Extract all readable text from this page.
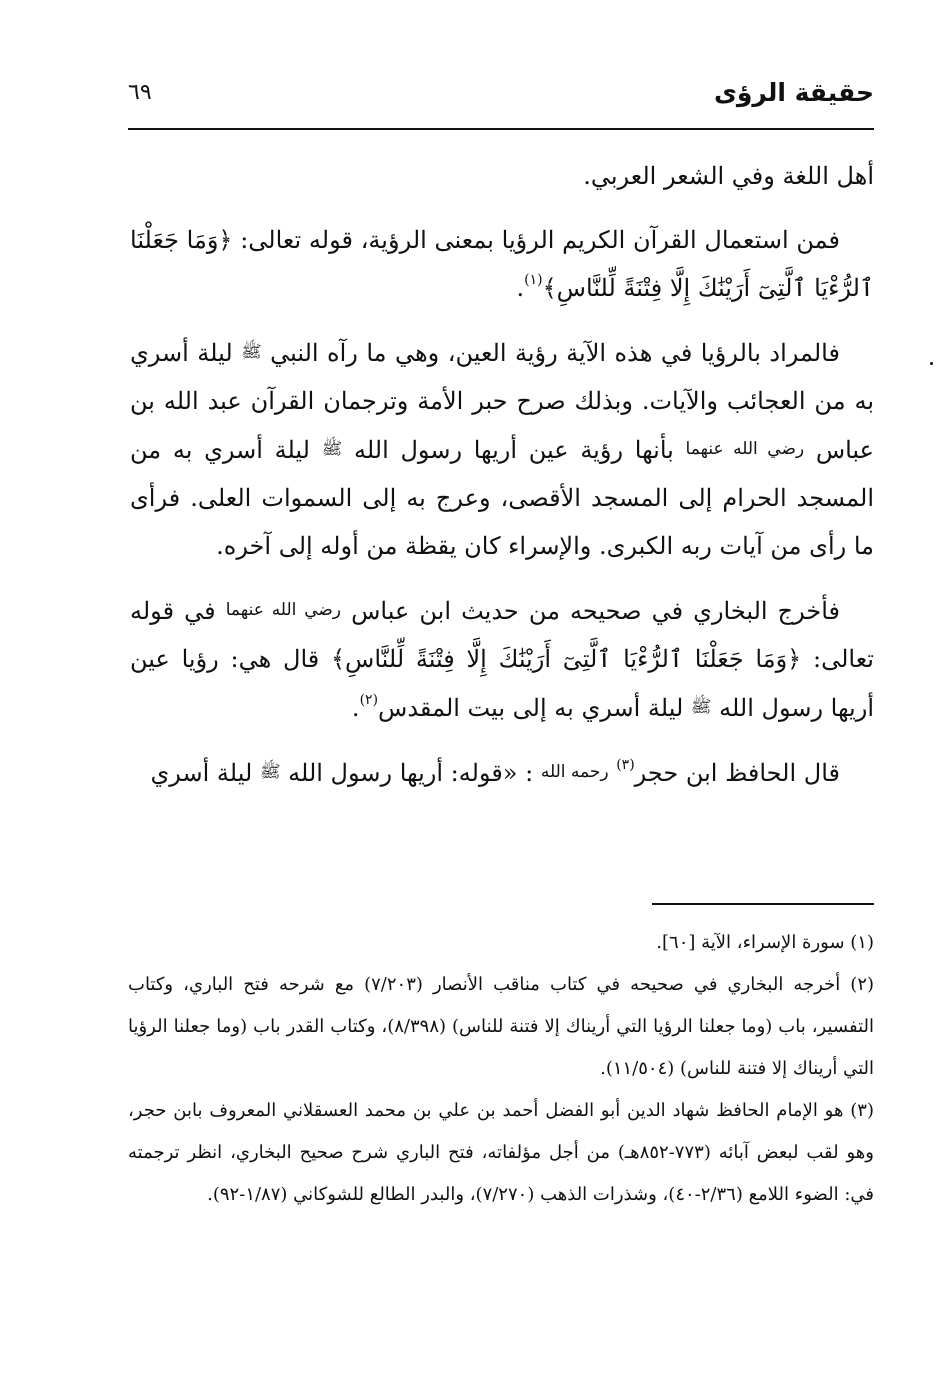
حقيقة الرؤى
٦٩

أهل اللغة وفي الشعر العربي.

فمن استعمال القرآن الكريم الرؤيا بمعنى الرؤية، قوله تعالى: ﴿وَمَا جَعَلْنَا ٱلرُّءْيَا ٱلَّتِىٓ أَرَيْنَٰكَ إِلَّا فِتْنَةً لِّلنَّاسِ﴾$^{(١)}$.

فالمراد بالرؤيا في هذه الآية رؤية العين، وهي ما رآه النبي ﷺ ليلة أسري به من العجائب والآيات. وبذلك صرح حبر الأمة وترجمان القرآن عبد الله بن عباس رضي الله عنهما بأنها رؤية عين أريها رسول الله ﷺ ليلة أسري به من المسجد الحرام إلى المسجد الأقصى، وعرج به إلى السموات العلى. فرأى ما رأى من آيات ربه الكبرى. والإسراء كان يقظة من أوله إلى آخره.

فأخرج البخاري في صحيحه من حديث ابن عباس رضي الله عنهما في قوله تعالى: ﴿وَمَا جَعَلْنَا ٱلرُّءْيَا ٱلَّتِىٓ أَرَيْنَٰكَ إِلَّا فِتْنَةً لِّلنَّاسِ﴾ قال هي: رؤيا عين أريها رسول الله ﷺ ليلة أسري به إلى بيت المقدس$^{(٢)}$.

قال الحافظ ابن حجر$^{(٣)}$ رحمه الله : «قوله: أريها رسول الله ﷺ ليلة أسري

(١) سورة الإسراء، الآية [٦٠].

(٢) أخرجه البخاري في صحيحه في كتاب مناقب الأنصار (٧/٢٠٣) مع شرحه فتح الباري، وكتاب التفسير، باب (وما جعلنا الرؤيا التي أريناك إلا فتنة للناس) (٨/٣٩٨)، وكتاب القدر باب (وما جعلنا الرؤيا التي أريناك إلا فتنة للناس) (١١/٥٠٤).

(٣) هو الإمام الحافظ شهاد الدين أبو الفضل أحمد بن علي بن محمد العسقلاني المعروف بابن حجر، وهو لقب لبعض آبائه (٧٧٣-٨٥٢هـ) من أجل مؤلفاته، فتح الباري شرح صحيح البخاري، انظر ترجمته في: الضوء اللامع (٢/٣٦-٤٠)، وشذرات الذهب (٧/٢٧٠)، والبدر الطالع للشوكاني (١/٨٧-٩٢).
